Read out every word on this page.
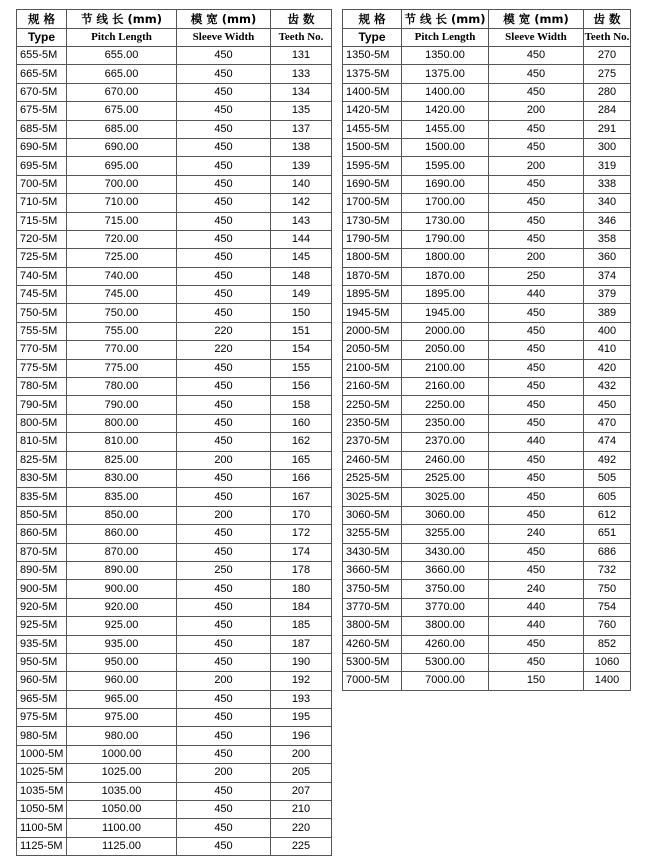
规 格	节 线 长 (mm)	模 宽 (mm)	齿 数
Type	Pitch Length	Sleeve Width	Teeth No.
655-5M	655.00	450	131
665-5M	665.00	450	133
670-5M	670.00	450	134
675-5M	675.00	450	135
685-5M	685.00	450	137
690-5M	690.00	450	138
695-5M	695.00	450	139
700-5M	700.00	450	140
710-5M	710.00	450	142
715-5M	715.00	450	143
720-5M	720.00	450	144
725-5M	725.00	450	145
740-5M	740.00	450	148
745-5M	745.00	450	149
750-5M	750.00	450	150
755-5M	755.00	220	151
770-5M	770.00	220	154
775-5M	775.00	450	155
780-5M	780.00	450	156
790-5M	790.00	450	158
800-5M	800.00	450	160
810-5M	810.00	450	162
825-5M	825.00	200	165
830-5M	830.00	450	166
835-5M	835.00	450	167
850-5M	850.00	200	170
860-5M	860.00	450	172
870-5M	870.00	450	174
890-5M	890.00	250	178
900-5M	900.00	450	180
920-5M	920.00	450	184
925-5M	925.00	450	185
935-5M	935.00	450	187
950-5M	950.00	450	190
960-5M	960.00	200	192
965-5M	965.00	450	193
975-5M	975.00	450	195
980-5M	980.00	450	196
1000-5M	1000.00	450	200
1025-5M	1025.00	200	205
1035-5M	1035.00	450	207
1050-5M	1050.00	450	210
1100-5M	1100.00	450	220
1125-5M	1125.00	450	225
规 格	节 线 长 (mm)	模 宽 (mm)	齿 数
Type	Pitch Length	Sleeve Width	Teeth No.
1350-5M	1350.00	450	270
1375-5M	1375.00	450	275
1400-5M	1400.00	450	280
1420-5M	1420.00	200	284
1455-5M	1455.00	450	291
1500-5M	1500.00	450	300
1595-5M	1595.00	200	319
1690-5M	1690.00	450	338
1700-5M	1700.00	450	340
1730-5M	1730.00	450	346
1790-5M	1790.00	450	358
1800-5M	1800.00	200	360
1870-5M	1870.00	250	374
1895-5M	1895.00	440	379
1945-5M	1945.00	450	389
2000-5M	2000.00	450	400
2050-5M	2050.00	450	410
2100-5M	2100.00	450	420
2160-5M	2160.00	450	432
2250-5M	2250.00	450	450
2350-5M	2350.00	450	470
2370-5M	2370.00	440	474
2460-5M	2460.00	450	492
2525-5M	2525.00	450	505
3025-5M	3025.00	450	605
3060-5M	3060.00	450	612
3255-5M	3255.00	240	651
3430-5M	3430.00	450	686
3660-5M	3660.00	450	732
3750-5M	3750.00	240	750
3770-5M	3770.00	440	754
3800-5M	3800.00	440	760
4260-5M	4260.00	450	852
5300-5M	5300.00	450	1060
7000-5M	7000.00	150	1400
